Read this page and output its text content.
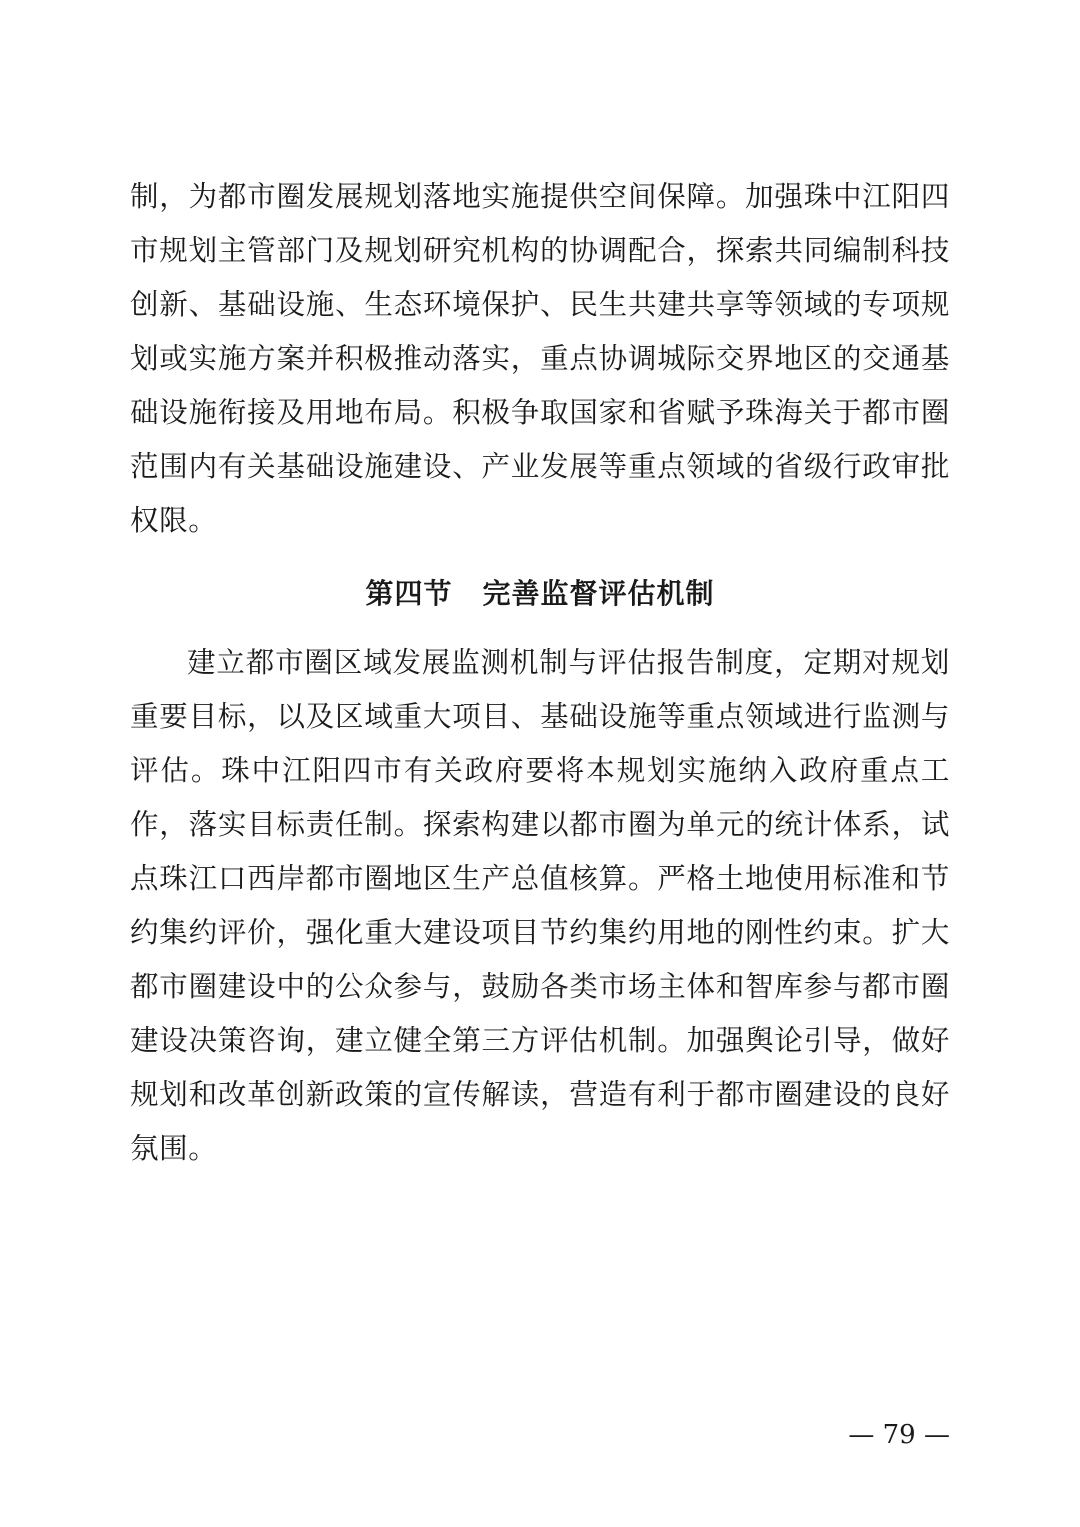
制，为都市圈发展规划落地实施提供空间保障。加强珠中江阳四市规划主管部门及规划研究机构的协调配合，探索共同编制科技创新、基础设施、生态环境保护、民生共建共享等领域的专项规划或实施方案并积极推动落实，重点协调城际交界地区的交通基础设施衔接及用地布局。积极争取国家和省赋予珠海关于都市圈范围内有关基础设施建设、产业发展等重点领域的省级行政审批权限。

第四节 完善监督评估机制

建立都市圈区域发展监测机制与评估报告制度，定期对规划重要目标，以及区域重大项目、基础设施等重点领域进行监测与评估。珠中江阳四市有关政府要将本规划实施纳入政府重点工作，落实目标责任制。探索构建以都市圈为单元的统计体系，试点珠江口西岸都市圈地区生产总值核算。严格土地使用标准和节约集约评价，强化重大建设项目节约集约用地的刚性约束。扩大都市圈建设中的公众参与，鼓励各类市场主体和智库参与都市圈建设决策咨询，建立健全第三方评估机制。加强舆论引导，做好规划和改革创新政策的宣传解读，营造有利于都市圈建设的良好氛围。

— 79 —
